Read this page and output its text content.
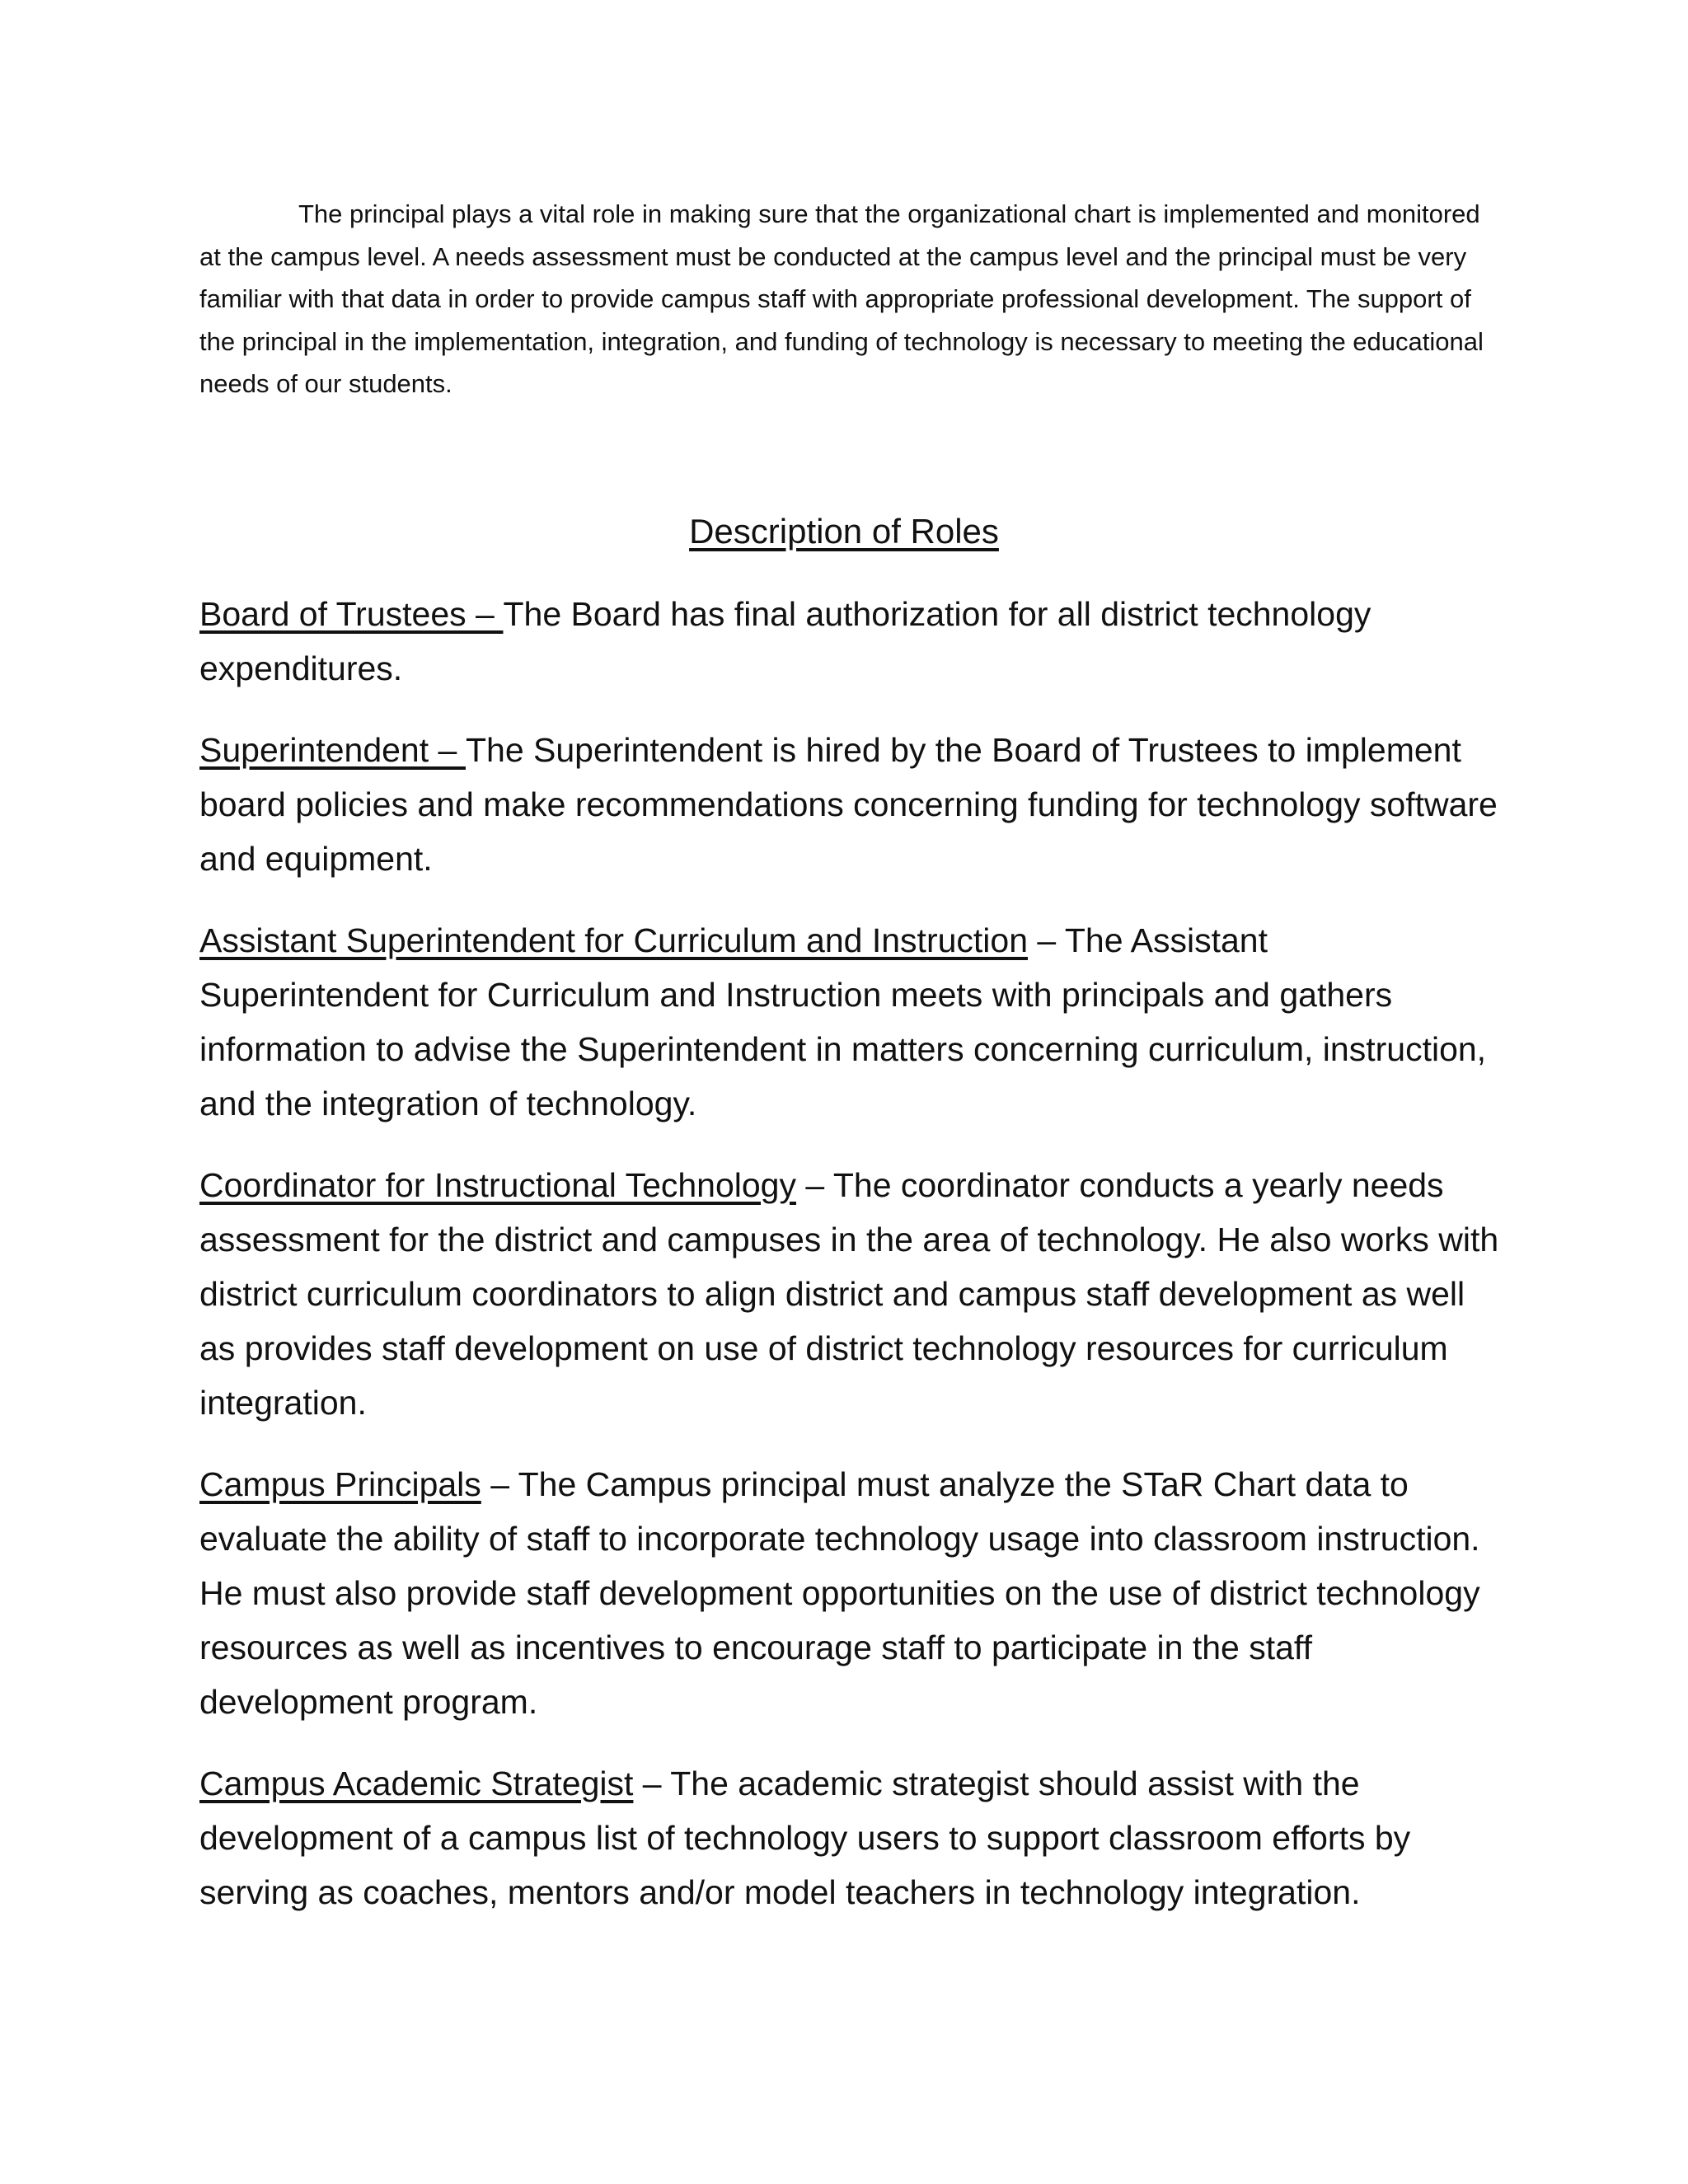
The principal plays a vital role in making sure that the organizational chart is implemented and monitored at the campus level. A needs assessment must be conducted at the campus level and the principal must be very familiar with that data in order to provide campus staff with appropriate professional development. The support of the principal in the implementation, integration, and funding of technology is necessary to meeting the educational needs of our students.

Description of Roles

Board of Trustees – The Board has final authorization for all district technology expenditures.

Superintendent – The Superintendent is hired by the Board of Trustees to implement board policies and make recommendations concerning funding for technology software and equipment.

Assistant Superintendent for Curriculum and Instruction – The Assistant Superintendent for Curriculum and Instruction meets with principals and gathers information to advise the Superintendent in matters concerning curriculum, instruction, and the integration of technology.

Coordinator for Instructional Technology – The coordinator conducts a yearly needs assessment for the district and campuses in the area of technology. He also works with district curriculum coordinators to align district and campus staff development as well as provides staff development on use of district technology resources for curriculum integration.

Campus Principals – The Campus principal must analyze the STaR Chart data to evaluate the ability of staff to incorporate technology usage into classroom instruction. He must also provide staff development opportunities on the use of district technology resources as well as incentives to encourage staff to participate in the staff development program.

Campus Academic Strategist – The academic strategist should assist with the development of a campus list of technology users to support classroom efforts by serving as coaches, mentors and/or model teachers in technology integration.
